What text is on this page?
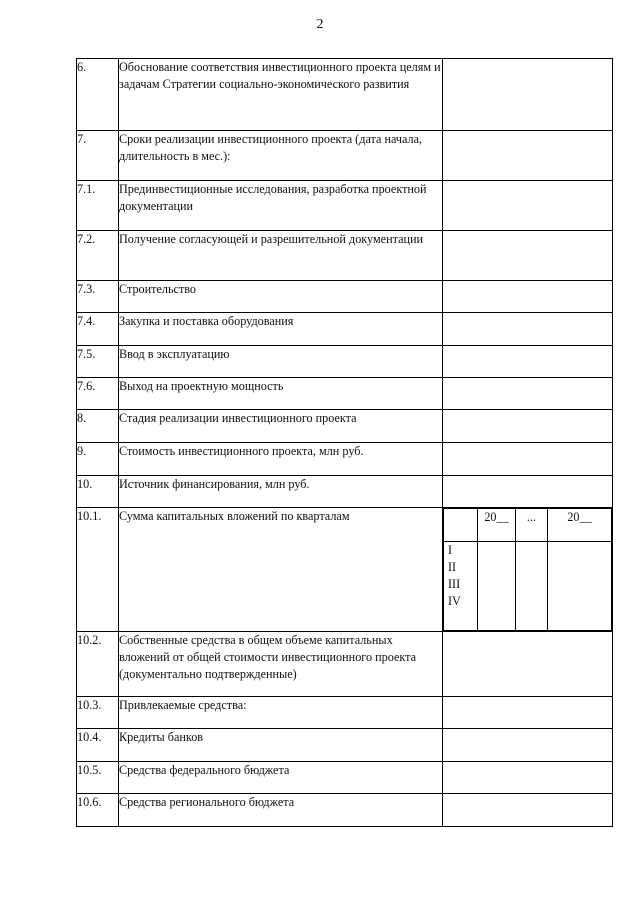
2
6.	Обоснование соответствия инвестиционного проекта целям и задачам Стратегии социально-экономического развития	
7.	Сроки реализации инвестиционного проекта (дата начала, длительность в мес.):	
7.1.	Прединвестиционные исследования, разработка проектной документации	
7.2.	Получение согласующей и разрешительной документации	
7.3.	Строительство	
7.4.	Закупка и поставка оборудования	
7.5.	Ввод в эксплуатацию	
7.6.	Выход на проектную мощность	
8.	Стадия реализации инвестиционного проекта	
9.	Стоимость инвестиционного проекта, млн руб.	
10.	Источник финансирования, млн руб.	
10.1.	Сумма капитальных вложений по кварталам	
		20__	...	20__

I
II
III
IV

10.2.	Собственные средства в общем объеме капитальных вложений от общей стоимости инвестиционного проекта (документально подтвержденные)	
10.3.	Привлекаемые средства:	
10.4.	Кредиты банков	
10.5.	Средства федерального бюджета	
10.6.	Средства регионального бюджета	
